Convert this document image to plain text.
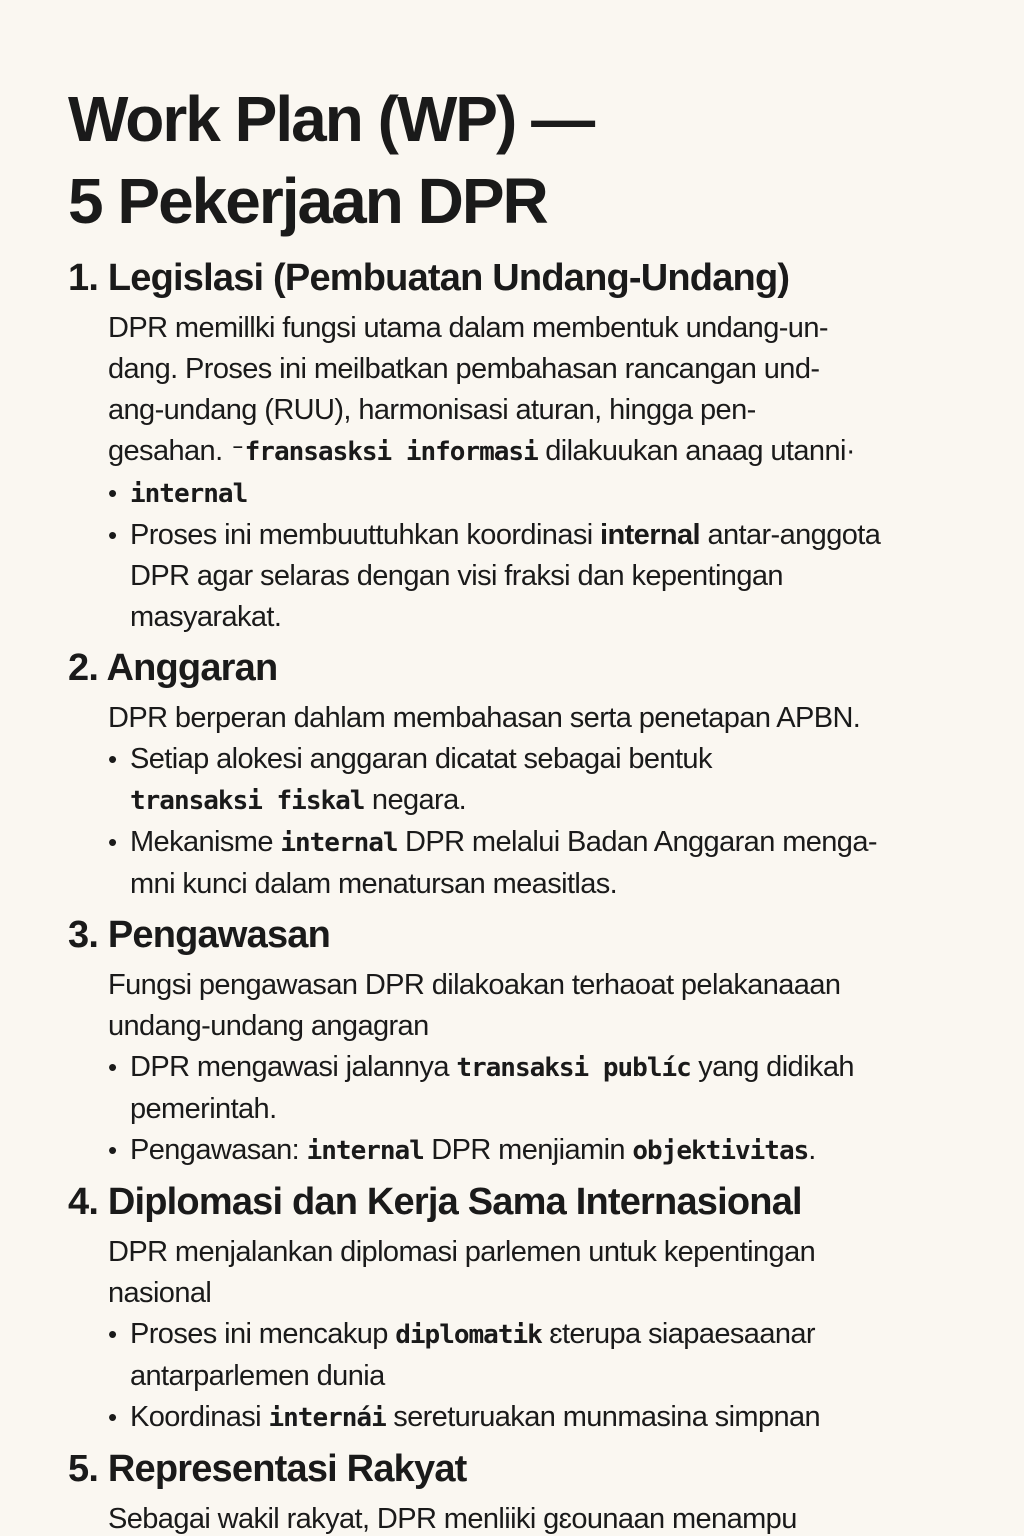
Work Plan (WP) —
5 Pekerjaan DPR
1. Legislasi (Pembuatan Undang-Undang)
DPR memillki fungsi utama dalam membentuk undang-un-
dang. Proses ini meilbatkan pembahasan rancangan und-
ang-undang (RUU), harmonisasi aturan, hingga pen-
gesahan. ⁻fransasksi informasi dilakuukan anaag utanni·
• internal
• Proses ini membuuttuhkan koordinasi internal antar-anggota
DPR agar selaras dengan visi fraksi dan kepentingan
masyarakat.
2. Anggaran
DPR berperan dahlam membahasan serta penetapan APBN.
• Setiap alokesi anggaran dicatat sebagai bentuk
transaksi fiskal negara.
• Mekanisme internal DPR melalui Badan Anggaran menga-
mni kunci dalam menatursan measitlas.
3. Pengawasan
Fungsi pengawasan DPR dilakoakan terhaoat pelakanaaan
undang-undang angagran
• DPR mengawasi jalannya transaksi publíc yang didikah
pemerintah.
• Pengawasan: internal DPR menjiamin objektivitas.
4. Diplomasi dan Kerja Sama Internasional
DPR menjalankan diplomasi parlemen untuk kepentingan
nasional
• Proses ini mencakup diplomatik ɛterupa siapaesaanar
antarparlemen dunia
• Koordinasi internái sereturuakan munmasina simpnan
5. Representasi Rakyat
Sebagai wakil rakyat, DPR menliiki ɡɛounaan menampu
